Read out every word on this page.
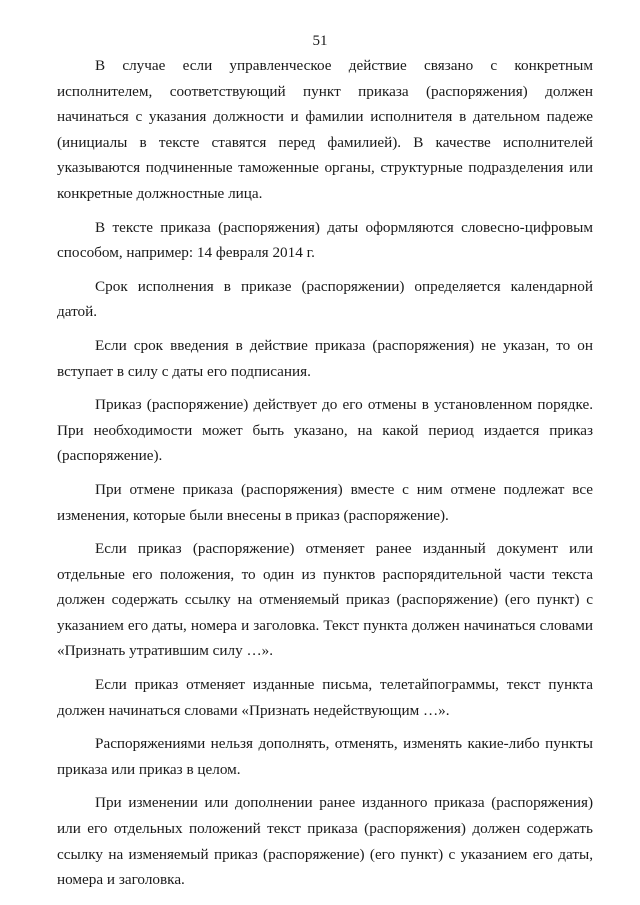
51

В случае если управленческое действие связано с конкретным исполнителем, соответствующий пункт приказа (распоряжения) должен начинаться с указания должности и фамилии исполнителя в дательном падеже (инициалы в тексте ставятся перед фамилией). В качестве исполнителей указываются подчиненные таможенные органы, структурные подразделения или конкретные должностные лица.

В тексте приказа (распоряжения) даты оформляются словесно-цифровым способом, например: 14 февраля 2014 г.

Срок исполнения в приказе (распоряжении) определяется календарной датой.

Если срок введения в действие приказа (распоряжения) не указан, то он вступает в силу с даты его подписания.

Приказ (распоряжение) действует до его отмены в установленном порядке. При необходимости может быть указано, на какой период издается приказ (распоряжение).

При отмене приказа (распоряжения) вместе с ним отмене подлежат все изменения, которые были внесены в приказ (распоряжение).

Если приказ (распоряжение) отменяет ранее изданный документ или отдельные его положения, то один из пунктов распорядительной части текста должен содержать ссылку на отменяемый приказ (распоряжение) (его пункт) с указанием его даты, номера и заголовка. Текст пункта должен начинаться словами «Признать утратившим силу …».

Если приказ отменяет изданные письма, телетайпограммы, текст пункта должен начинаться словами «Признать недействующим …».

Распоряжениями нельзя дополнять, отменять, изменять какие-либо пункты приказа или приказ в целом.

При изменении или дополнении ранее изданного приказа (распоряжения) или его отдельных положений текст приказа (распоряжения) должен содержать ссылку на изменяемый приказ (распоряжение) (его пункт) с указанием его даты, номера и заголовка.
